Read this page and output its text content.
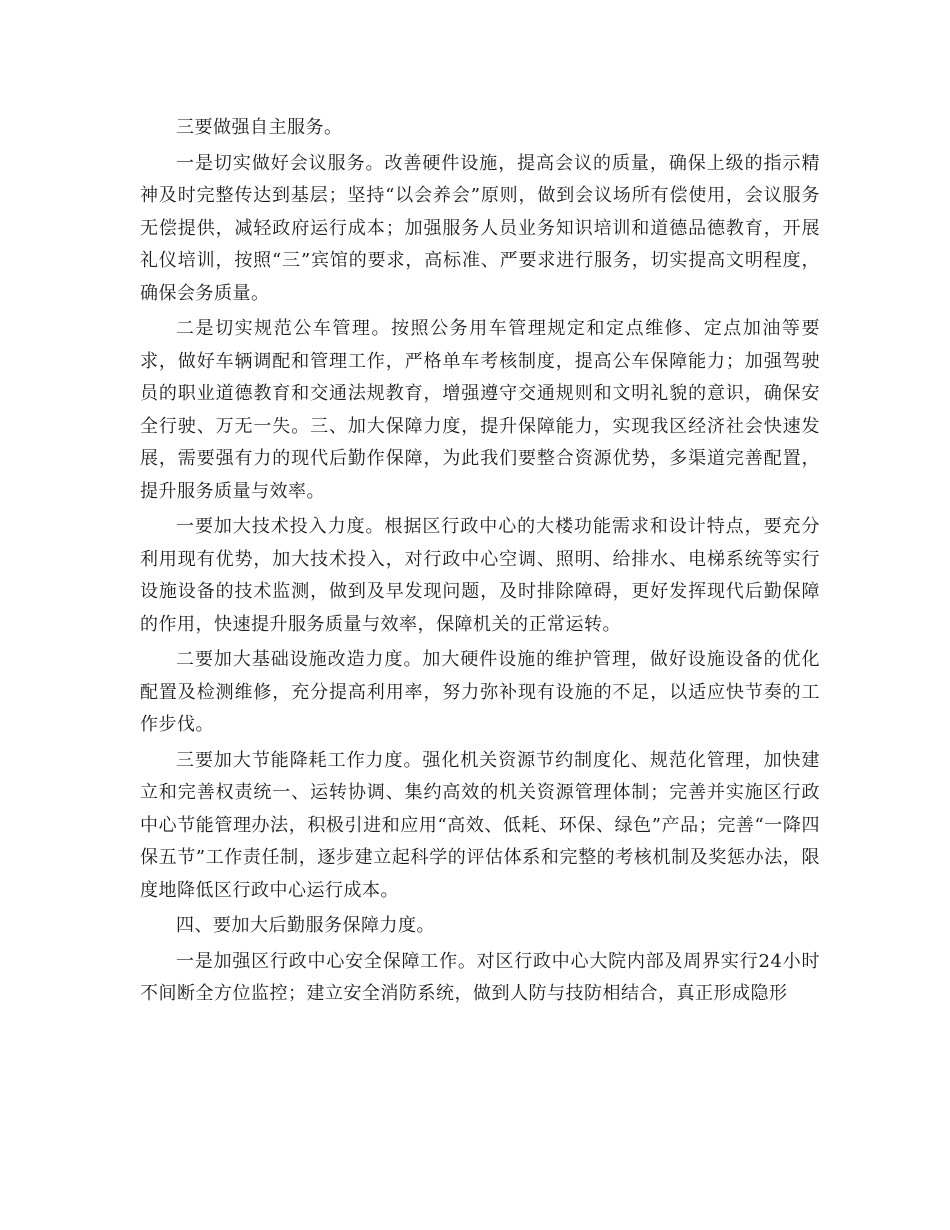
三要做强自主服务。

一是切实做好会议服务。改善硬件设施，提高会议的质量，确保上级的指示精神及时完整传达到基层；坚持“以会养会”原则，做到会议场所有偿使用，会议服务无偿提供，减轻政府运行成本；加强服务人员业务知识培训和道德品德教育，开展礼仪培训，按照“三”宾馆的要求，高标准、严要求进行服务，切实提高文明程度，确保会务质量。

二是切实规范公车管理。按照公务用车管理规定和定点维修、定点加油等要求，做好车辆调配和管理工作，严格单车考核制度，提高公车保障能力；加强驾驶员的职业道德教育和交通法规教育，增强遵守交通规则和文明礼貌的意识，确保安全行驶、万无一失。三、加大保障力度，提升保障能力，实现我区经济社会快速发展，需要强有力的现代后勤作保障，为此我们要整合资源优势，多渠道完善配置，提升服务质量与效率。

一要加大技术投入力度。根据区行政中心的大楼功能需求和设计特点，要充分利用现有优势，加大技术投入，对行政中心空调、照明、给排水、电梯系统等实行设施设备的技术监测，做到及早发现问题，及时排除障碍，更好发挥现代后勤保障的作用，快速提升服务质量与效率，保障机关的正常运转。

二要加大基础设施改造力度。加大硬件设施的维护管理，做好设施设备的优化配置及检测维修，充分提高利用率，努力弥补现有设施的不足，以适应快节奏的工作步伐。

三要加大节能降耗工作力度。强化机关资源节约制度化、规范化管理，加快建立和完善权责统一、运转协调、集约高效的机关资源管理体制；完善并实施区行政中心节能管理办法，积极引进和应用“高效、低耗、环保、绿色”产品；完善“一降四保五节”工作责任制，逐步建立起科学的评估体系和完整的考核机制及奖惩办法，限度地降低区行政中心运行成本。

四、要加大后勤服务保障力度。

一是加强区行政中心安全保障工作。对区行政中心大院内部及周界实行24小时不间断全方位监控；建立安全消防系统，做到人防与技防相结合，真正形成隐形
